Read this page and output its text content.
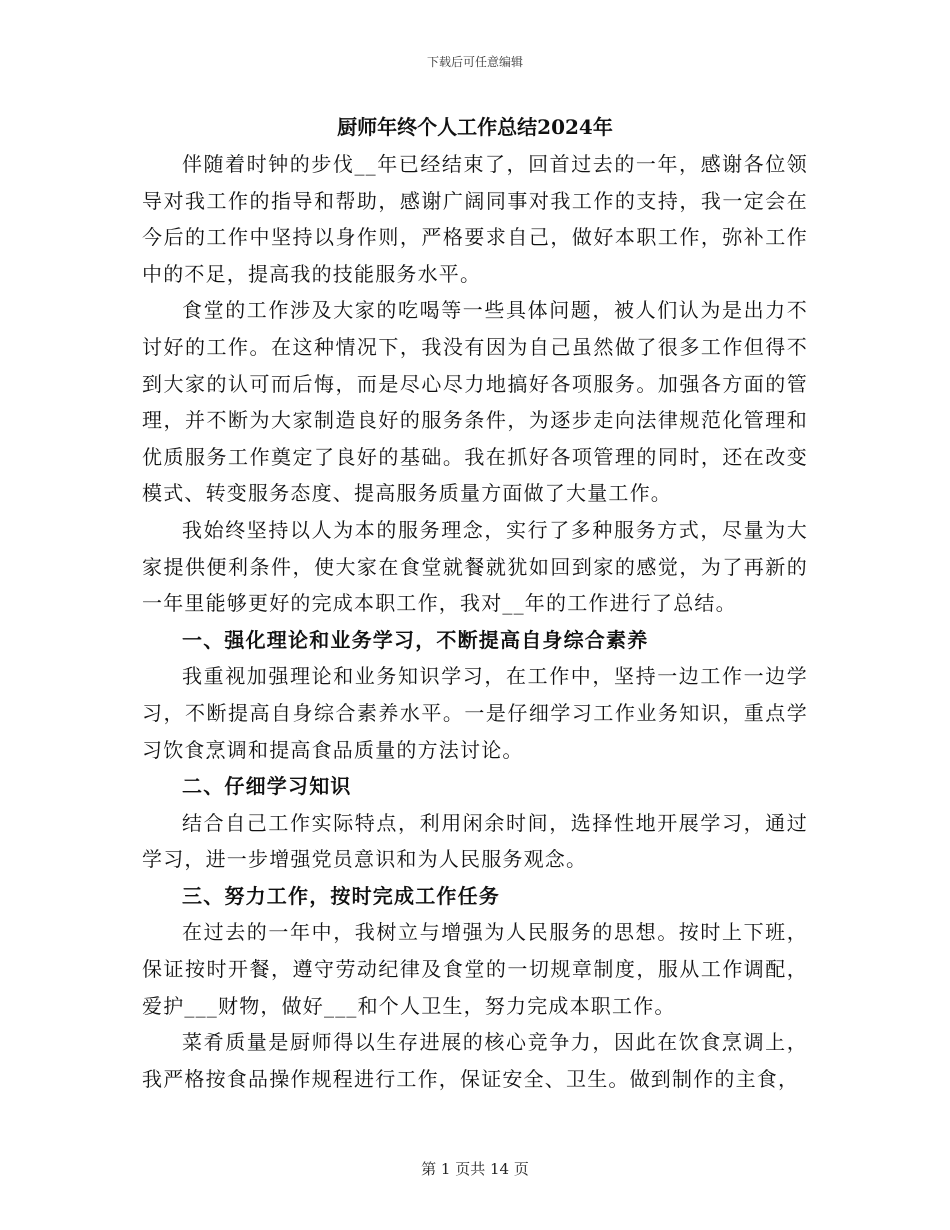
下载后可任意编辑
厨师年终个人工作总结2024年

伴随着时钟的步伐__年已经结束了，回首过去的一年，感谢各位领导对我工作的指导和帮助，感谢广阔同事对我工作的支持，我一定会在今后的工作中坚持以身作则，严格要求自己，做好本职工作，弥补工作中的不足，提高我的技能服务水平。

食堂的工作涉及大家的吃喝等一些具体问题，被人们认为是出力不讨好的工作。在这种情况下，我没有因为自己虽然做了很多工作但得不到大家的认可而后悔，而是尽心尽力地搞好各项服务。加强各方面的管理，并不断为大家制造良好的服务条件，为逐步走向法律规范化管理和优质服务工作奠定了良好的基础。我在抓好各项管理的同时，还在改变模式、转变服务态度、提高服务质量方面做了大量工作。

我始终坚持以人为本的服务理念，实行了多种服务方式，尽量为大家提供便利条件，使大家在食堂就餐就犹如回到家的感觉，为了再新的一年里能够更好的完成本职工作，我对__年的工作进行了总结。

一、强化理论和业务学习，不断提高自身综合素养

我重视加强理论和业务知识学习，在工作中，坚持一边工作一边学习，不断提高自身综合素养水平。一是仔细学习工作业务知识，重点学习饮食烹调和提高食品质量的方法讨论。

二、仔细学习知识

结合自己工作实际特点，利用闲余时间，选择性地开展学习，通过学习，进一步增强党员意识和为人民服务观念。

三、努力工作，按时完成工作任务

在过去的一年中，我树立与增强为人民服务的思想。按时上下班，保证按时开餐，遵守劳动纪律及食堂的一切规章制度，服从工作调配，爱护___财物，做好___和个人卫生，努力完成本职工作。

菜肴质量是厨师得以生存进展的核心竞争力，因此在饮食烹调上，我严格按食品操作规程进行工作，保证安全、卫生。做到制作的主食，

第 1 页共 14 页
